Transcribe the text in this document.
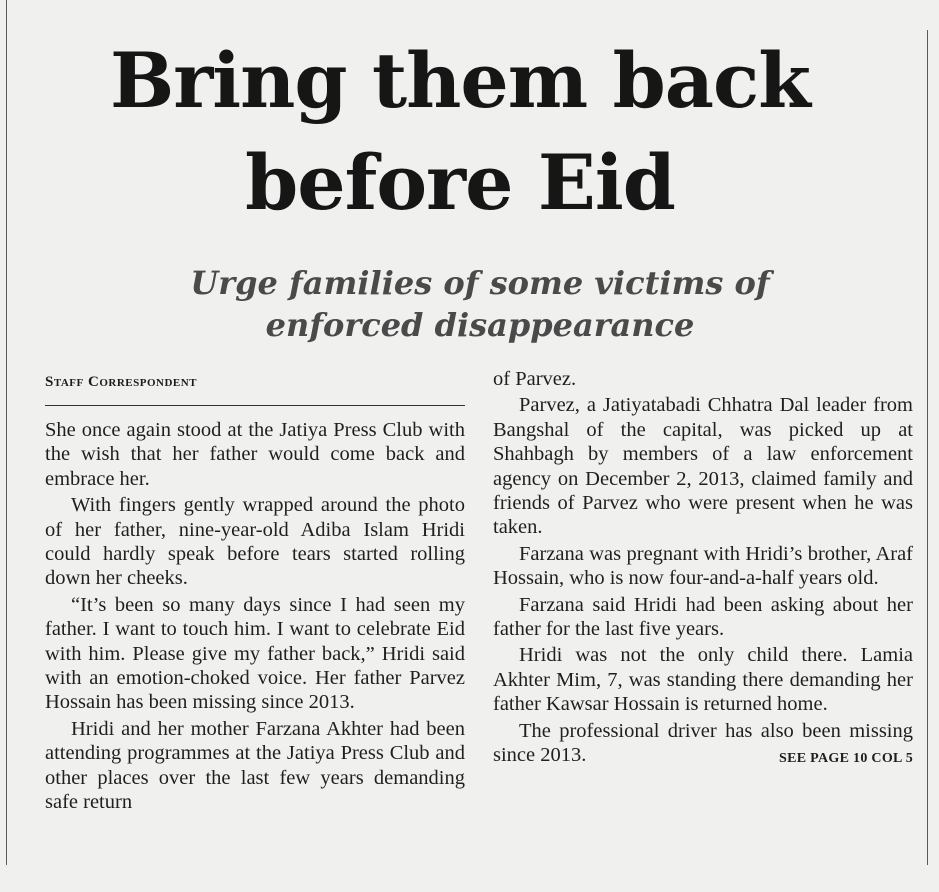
Bring them back
before Eid
Urge families of some victims of
enforced disappearance
Staff Correspondent

She once again stood at the Jatiya Press Club with the wish that her father would come back and embrace her.

With fingers gently wrapped around the photo of her father, nine-year-old Adiba Islam Hridi could hardly speak before tears started rolling down her cheeks.

“It’s been so many days since I had seen my father. I want to touch him. I want to celebrate Eid with him. Please give my father back,” Hridi said with an emotion-choked voice. Her father Parvez Hossain has been missing since 2013.

Hridi and her mother Farzana Akhter had been attending programmes at the Jatiya Press Club and other places over the last few years demanding safe return

of Parvez.

Parvez, a Jatiyatabadi Chhatra Dal leader from Bangshal of the capital, was picked up at Shahbagh by members of a law enforcement agency on December 2, 2013, claimed family and friends of Parvez who were present when he was taken.

Farzana was pregnant with Hridi’s brother, Araf Hossain, who is now four-and-a-half years old.

Farzana said Hridi had been asking about her father for the last five years.

Hridi was not the only child there. Lamia Akhter Mim, 7, was standing there demanding her father Kawsar Hossain is returned home.

The professional driver has also been missing since 2013.	SEE PAGE 10 COL 5
